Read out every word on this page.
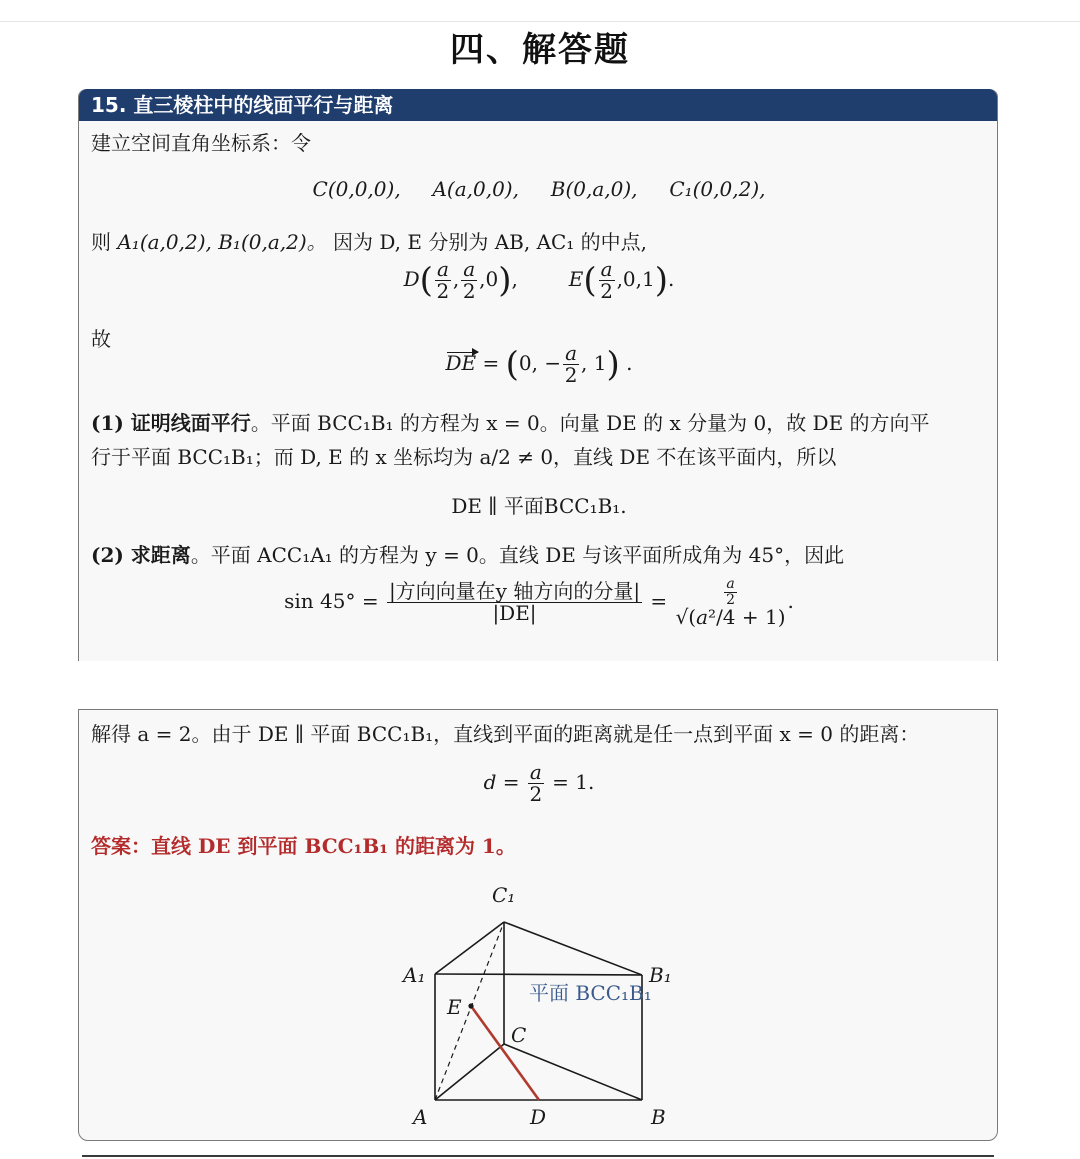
四、解答题
15. 直三棱柱中的线面平行与距离
建立空间直角坐标系：令
C(0,0,0), A(a,0,0), B(0,a,0), C₁(0,0,2),
则 A₁(a,0,2), B₁(0,a,2)。 因为 D, E 分别为 AB, AC₁ 的中点,
$D( \frac{a}{2}$ , $\frac{a}{2} ,0$),        $E( \frac{a}{2} ,0,1)$.
故
DE = (0, − $\frac{a}{2}$ , 1) .
(1) 证明线面平行。平面 BCC₁B₁ 的方程为 x = 0。向量 DE 的 x 分量为 0，故 DE 的方向平
行于平面 BCC₁B₁；而 D, E 的 x 坐标均为 a/2 ≠ 0，直线 DE 不在该平面内，所以
DE ∥ 平面BCC₁B₁.
(2) 求距离。平面 ACC₁A₁ 的方程为 y = 0。直线 DE 与该平面所成角为 45°，因此
$\sin 45^\circ = \frac{\text{|方向向量在y 轴方向的分量|}}{|DE|}$ =	$\frac{a}{2}$
√(a²/4 + 1)
.
解得 a = 2。由于 DE ∥ 平面 BCC₁B₁，直线到平面的距离就是任一点到平面 x = 0 的距离：
$d = \frac{a}{2} = 1$.
答案：直线 DE 到平面 BCC₁B₁ 的距离为 1。
C₁
A₁	B₁
E
C
A	D	B
平面 BCC₁B₁
